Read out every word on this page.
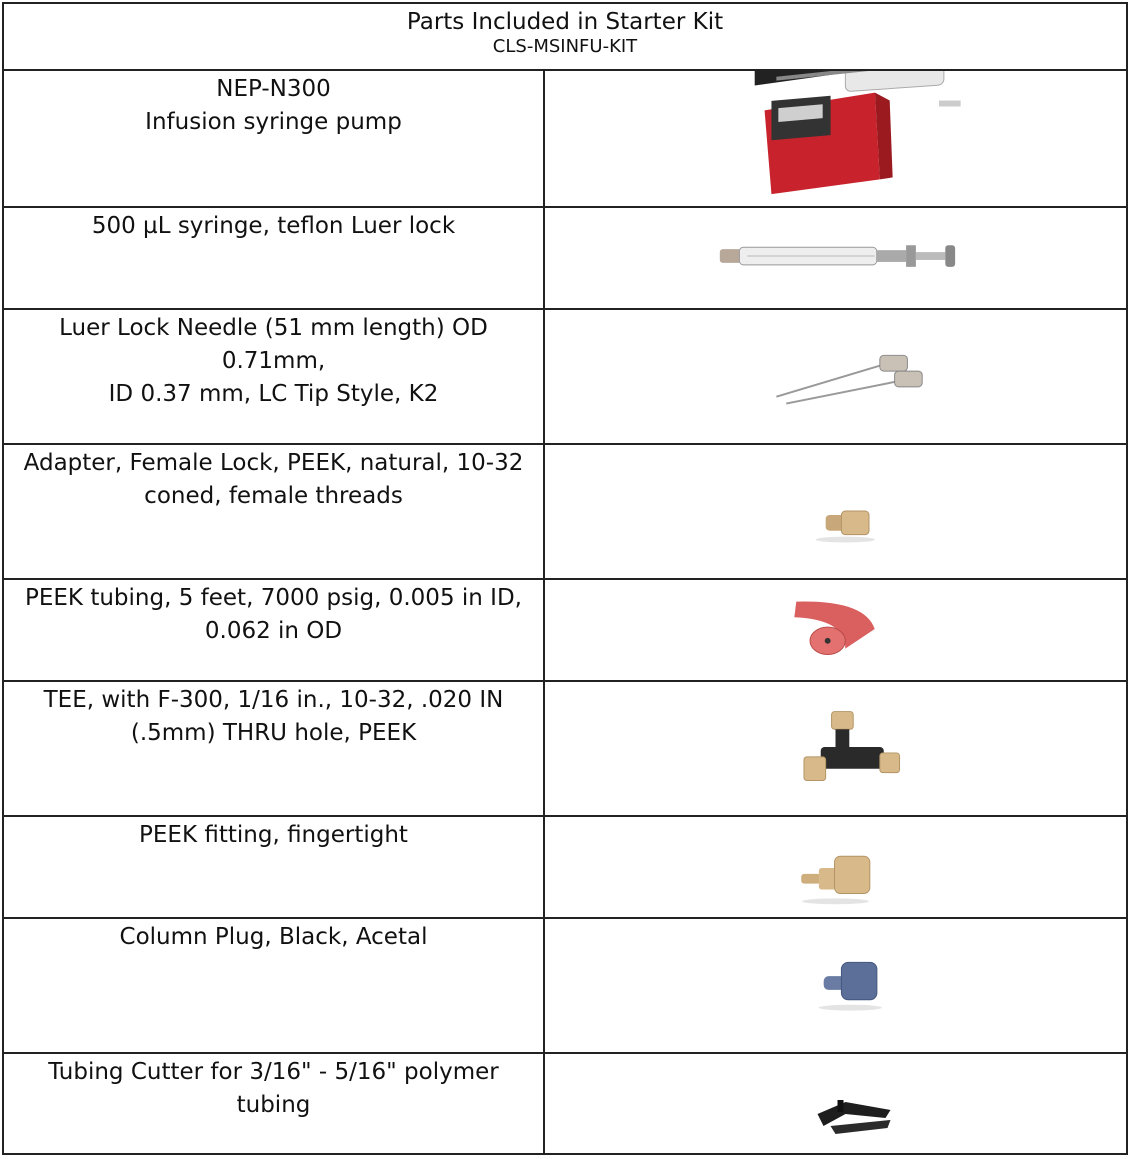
Parts Included in Starter Kit
CLS-MSINFU-KIT
NEP-N300
Infusion syringe pump
500 µL syringe, teflon Luer lock
Luer Lock Needle (51 mm length) OD 0.71mm,
ID 0.37 mm, LC Tip Style, K2
Adapter, Female Lock, PEEK, natural, 10-32
coned, female threads
PEEK tubing, 5 feet, 7000 psig, 0.005 in ID,
0.062 in OD
TEE, with F-300, 1/16 in., 10-32, .020 IN
(.5mm) THRU hole, PEEK
PEEK fitting, fingertight
Column Plug, Black, Acetal
Tubing Cutter for 3/16" - 5/16" polymer
tubing
